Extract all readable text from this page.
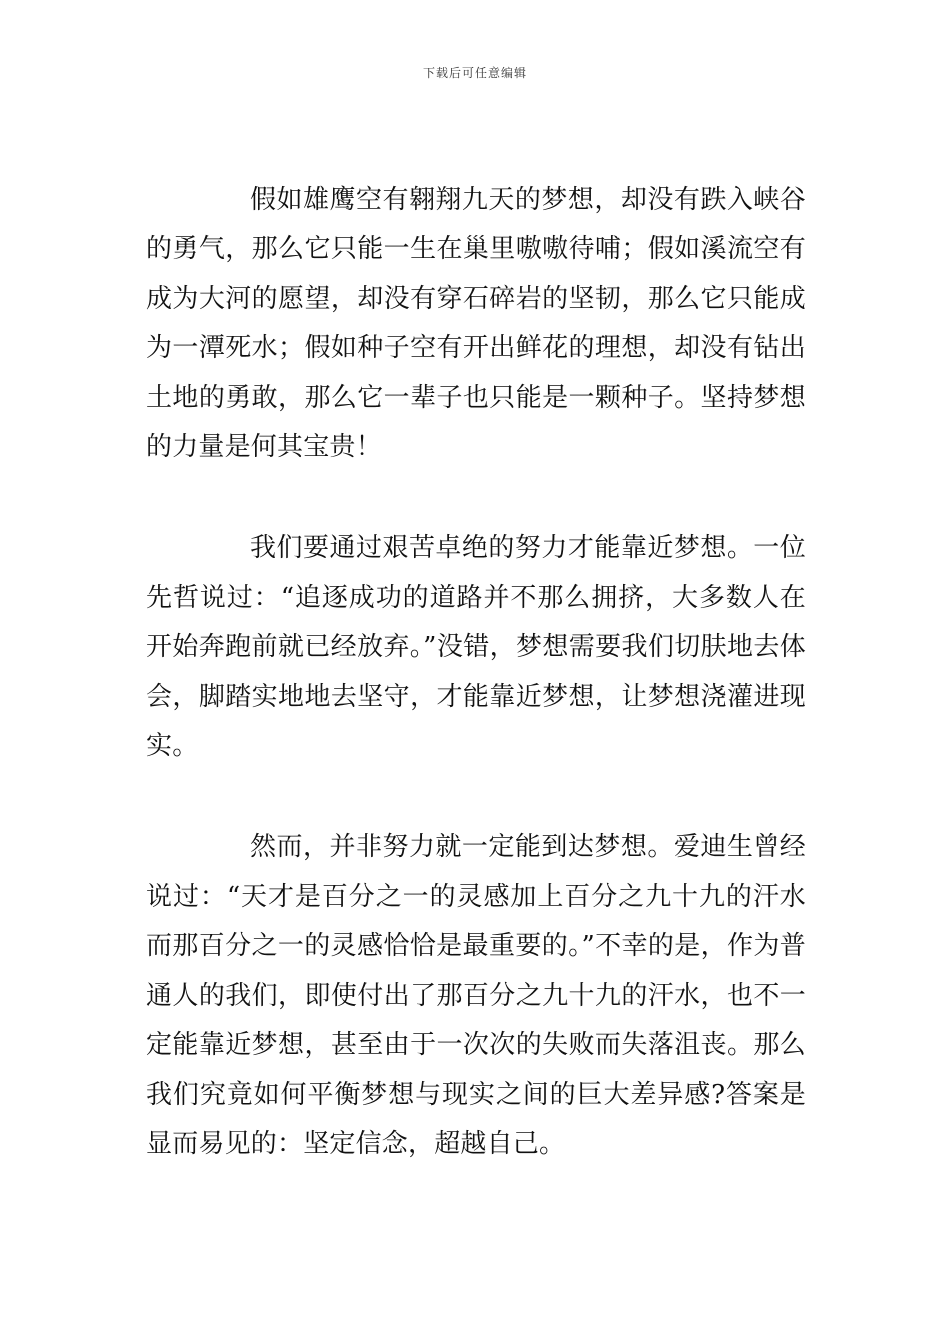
下载后可任意编辑

假如雄鹰空有翱翔九天的梦想，却没有跌入峡谷的勇气，那么它只能一生在巢里嗷嗷待哺；假如溪流空有成为大河的愿望，却没有穿石碎岩的坚韧，那么它只能成为一潭死水；假如种子空有开出鲜花的理想，却没有钻出土地的勇敢，那么它一辈子也只能是一颗种子。坚持梦想的力量是何其宝贵！

我们要通过艰苦卓绝的努力才能靠近梦想。一位先哲说过：“追逐成功的道路并不那么拥挤，大多数人在开始奔跑前就已经放弃。”没错，梦想需要我们切肤地去体会，脚踏实地地去坚守，才能靠近梦想，让梦想浇灌进现实。

然而，并非努力就一定能到达梦想。爱迪生曾经说过：“天才是百分之一的灵感加上百分之九十九的汗水而那百分之一的灵感恰恰是最重要的。”不幸的是，作为普通人的我们，即使付出了那百分之九十九的汗水，也不一定能靠近梦想，甚至由于一次次的失败而失落沮丧。那么我们究竟如何平衡梦想与现实之间的巨大差异感?答案是显而易见的：坚定信念，超越自己。
